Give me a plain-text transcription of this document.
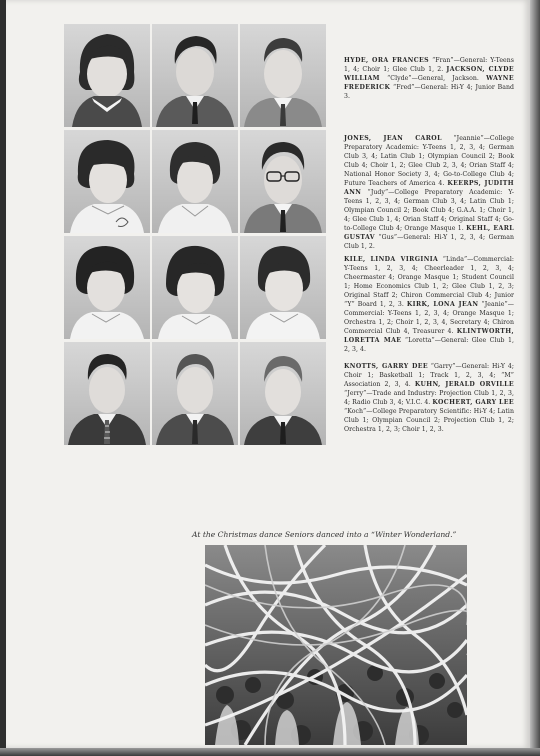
HYDE, ORA FRANCES “Fran”—General: Y-Teens 1, 4; Choir 1; Glee Club 1, 2. JACKSON, CLYDE WILLIAM “Clyde”—General, Jackson. WAYNE FREDERICK “Fred”—General: Hi-Y 4; Junior Band 3.
JONES, JEAN CAROL “Jeannie”—College Preparatory Academic: Y-Teens 1, 2, 3, 4; German Club 3, 4; Latin Club 1; Olympian Council 2; Book Club 4; Choir 1, 2; Glee Club 2, 3, 4; Orian Staff 4; National Honor Society 3, 4; Go-to-College Club 4; Future Teachers of America 4. KEERPS, JUDITH ANN “Judy”—College Preparatory Academic: Y-Teens 1, 2, 3, 4; German Club 3, 4; Latin Club 1; Olympian Council 2; Book Club 4; G.A.A. 1; Choir 1, 4; Glee Club 1, 4; Orian Staff 4; Original Staff 4; Go-to-College Club 4; Orange Masque 1. KEHL, EARL GUSTAV “Gus”—General: Hi-Y 1, 2, 3, 4; German Club 1, 2.
KILE, LINDA VIRGINIA “Linda”—Commercial: Y-Teens 1, 2, 3, 4; Cheerleader 1, 2, 3, 4; Cheermaster 4; Orange Masque 1; Student Council 1; Home Economics Club 1, 2; Glee Club 1, 2, 3; Original Staff 2; Chiron Commercial Club 4; Junior “Y” Board 1, 2, 3. KIRK, LONA JEAN “Jeanie”—Commercial: Y-Teens 1, 2, 3, 4; Orange Masque 1; Orchestra 1, 2; Choir 1, 2, 3, 4, Secretary 4; Chiron Commercial Club 4, Treasurer 4. KLINTWORTH, LORETTA MAE “Loretta”—General: Glee Club 1, 2, 3, 4.
KNOTTS, GARRY DEE “Garry”—General: Hi-Y 4; Choir 1; Basketball 1; Track 1, 2, 3, 4; “M” Association 2, 3, 4. KUHN, JERALD ORVILLE “Jerry”—Trade and Industry: Projection Club 1, 2, 3, 4; Radio Club 3, 4; V.I.C. 4. KOCHERT, GARY LEE “Koch”—College Preparatory Scientific: Hi-Y 4; Latin Club 1; Olympian Council 2; Projection Club 1, 2; Orchestra 1, 2, 3; Choir 1, 2, 3.
At the Christmas dance Seniors danced into a “Winter Wonderland.”
